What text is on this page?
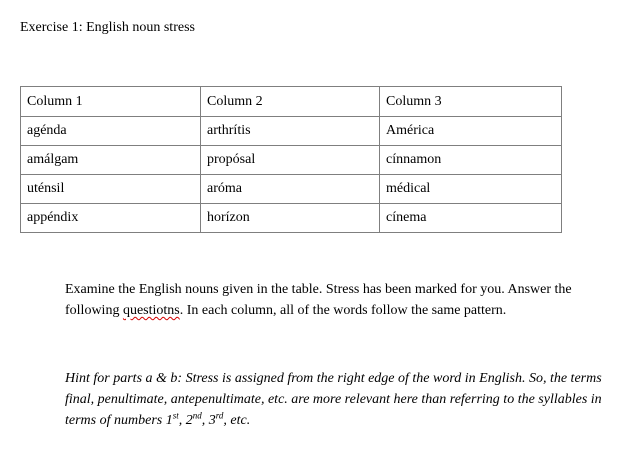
Exercise 1: English noun stress
Column 1	Column 2	Column 3
agénda	arthrítis	América
amálgam	propósal	cínnamon
uténsil	aróma	médical
appéndix	horízon	cínema

Examine the English nouns given in the table. Stress has been marked for you. Answer the following questiotns. In each column, all of the words follow the same pattern.

Hint for parts a & b: Stress is assigned from the right edge of the word in English. So, the terms final, penultimate, antepenultimate, etc. are more relevant here than referring to the syllables in terms of numbers 1st, 2nd, 3rd, etc.
